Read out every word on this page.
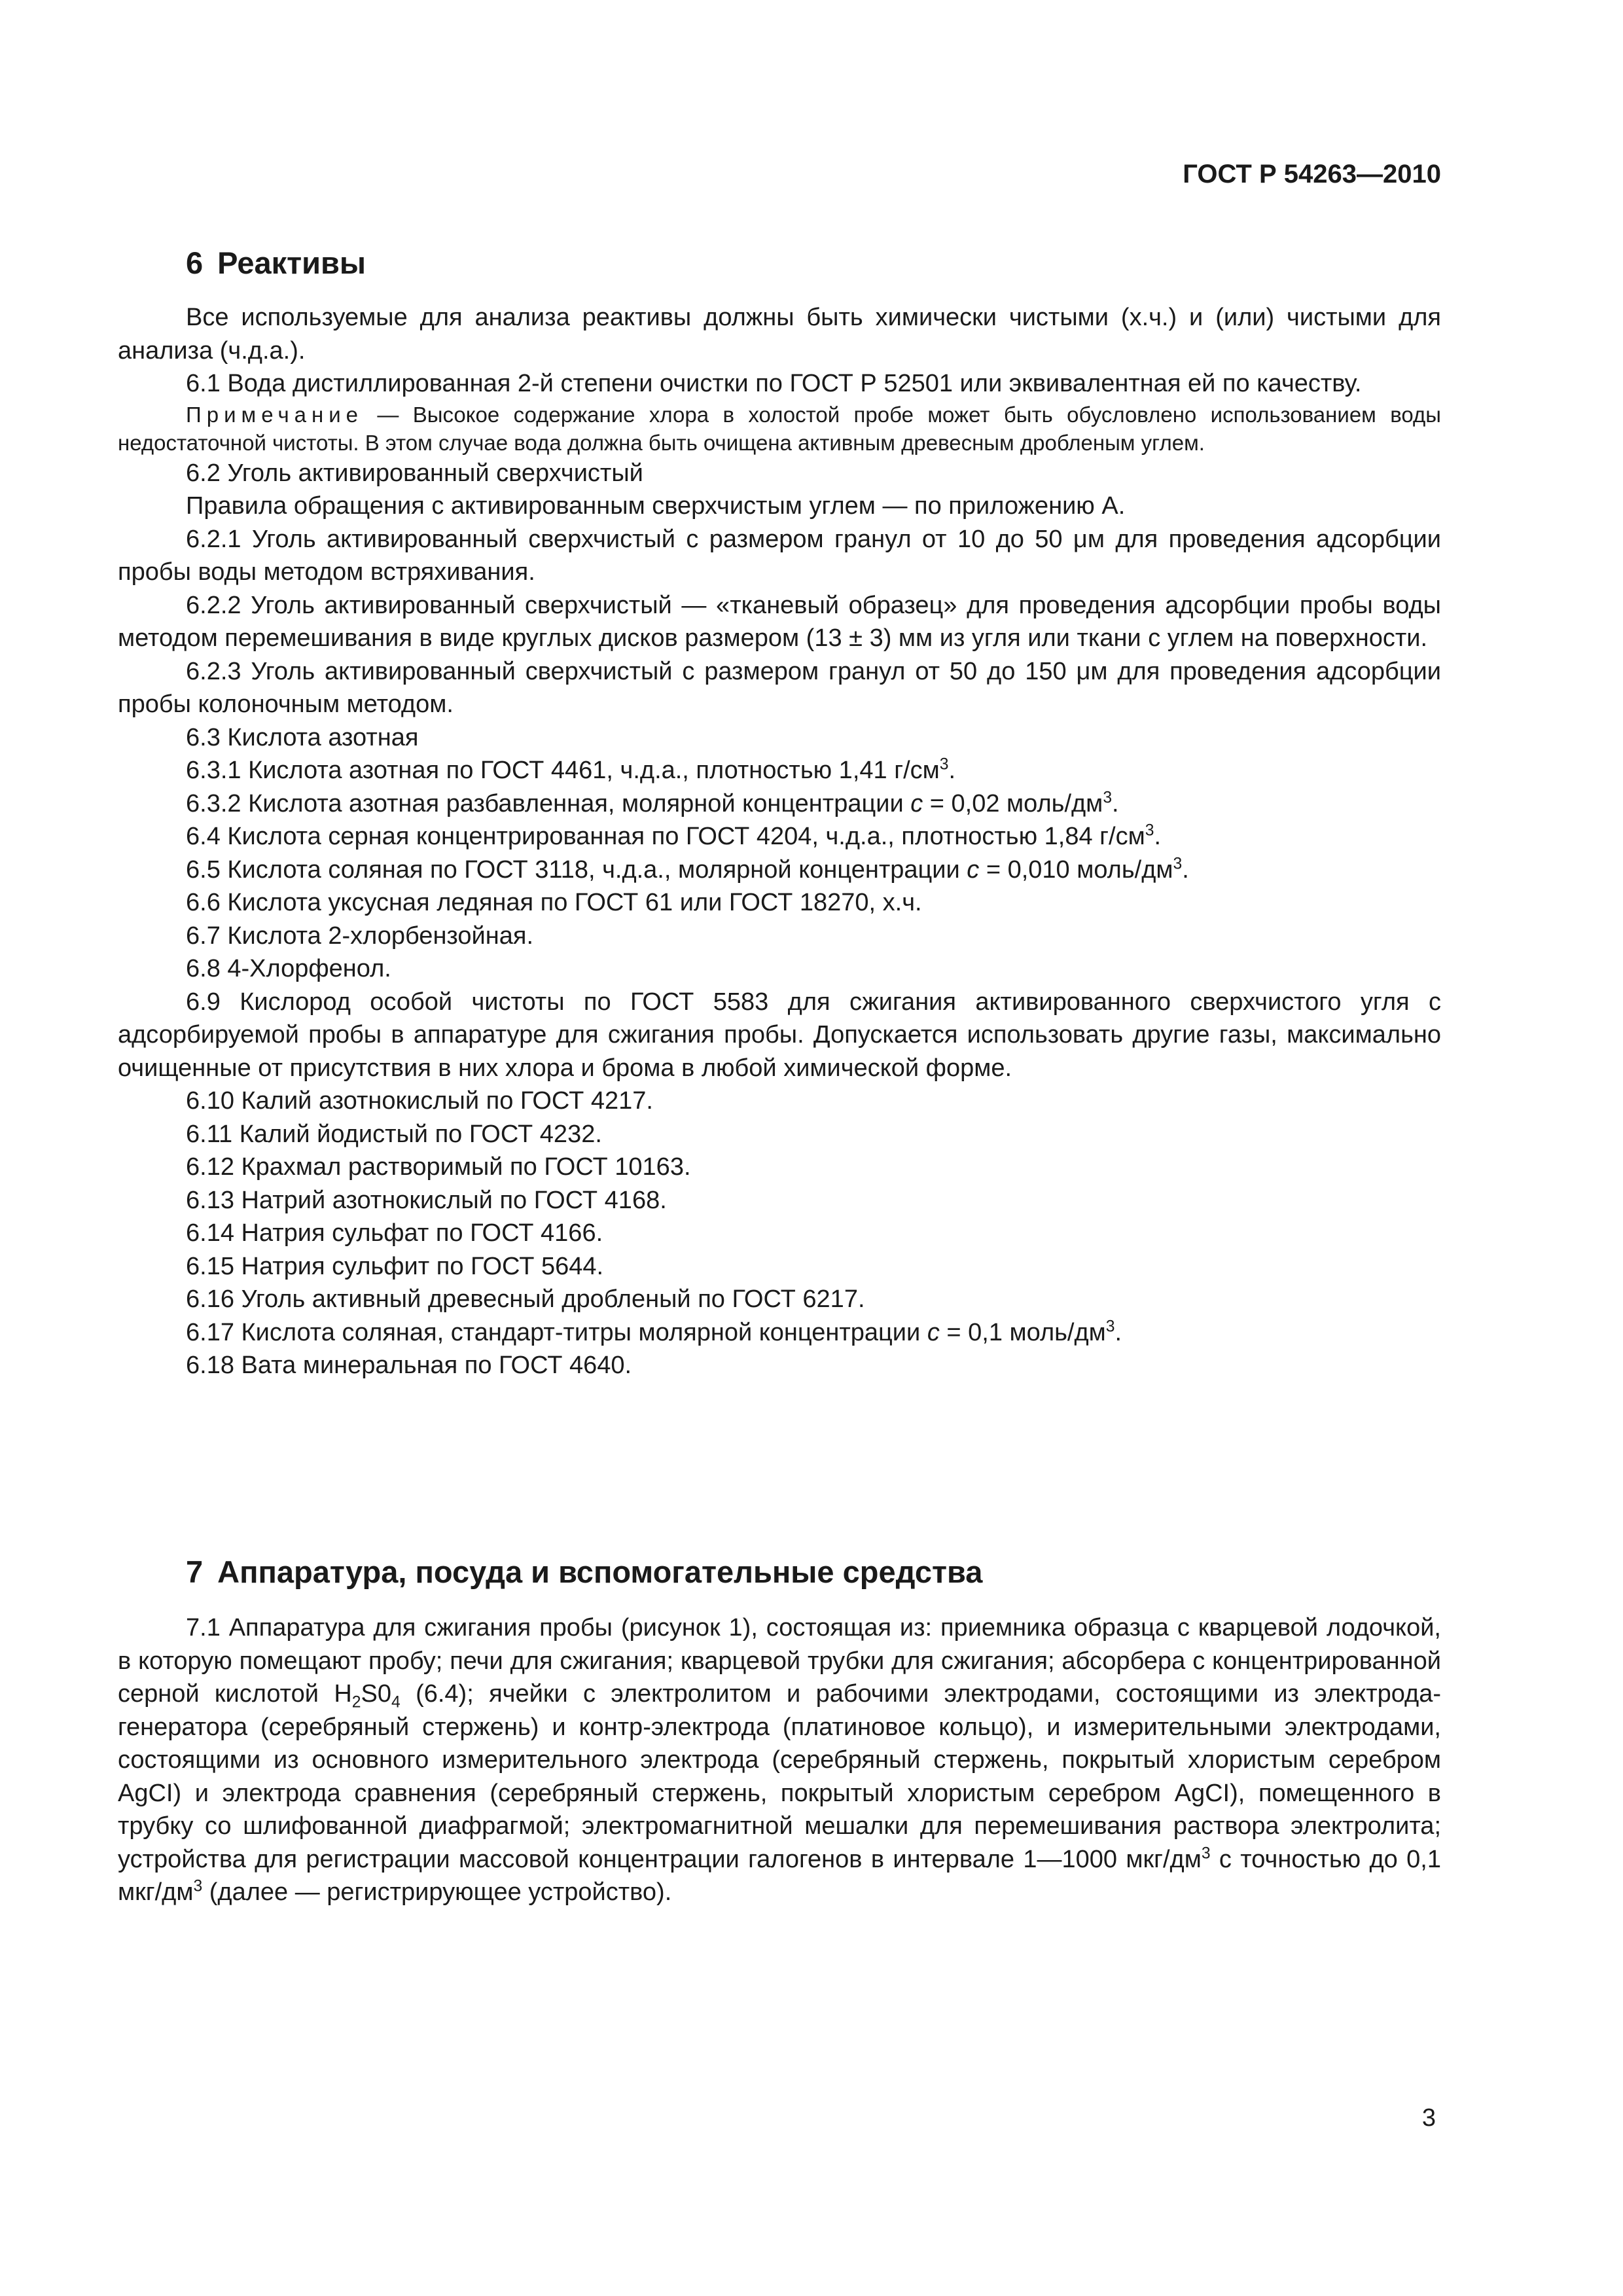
ГОСТ Р 54263—2010
6 Реактивы

Все используемые для анализа реактивы должны быть химически чистыми (х.ч.) и (или) чистыми для анализа (ч.д.а.).

6.1 Вода дистиллированная 2-й степени очистки по ГОСТ Р 52501 или эквивалентная ей по качеству.

Примечание — Высокое содержание хлора в холостой пробе может быть обусловлено использованием воды недостаточной чистоты. В этом случае вода должна быть очищена активным древесным дробленым углем.

6.2 Уголь активированный сверхчистый

Правила обращения с активированным сверхчистым углем — по приложению А.

6.2.1 Уголь активированный сверхчистый с размером гранул от 10 до 50 μм для проведения адсорбции пробы воды методом встряхивания.

6.2.2 Уголь активированный сверхчистый — «тканевый образец» для проведения адсорбции пробы воды методом перемешивания в виде круглых дисков размером (13 ± 3) мм из угля или ткани с углем на поверхности.

6.2.3 Уголь активированный сверхчистый с размером гранул от 50 до 150 μм для проведения адсорбции пробы колоночным методом.

6.3 Кислота азотная

6.3.1 Кислота азотная по ГОСТ 4461, ч.д.а., плотностью 1,41 $г/см^3$.

6.3.2 Кислота азотная разбавленная, молярной концентрации с = 0,02 моль/$дм^3$.

6.4 Кислота серная концентрированная по ГОСТ 4204, ч.д.а., плотностью 1,84 $г/см^3$.

6.5 Кислота соляная по ГОСТ 3118, ч.д.а., молярной концентрации с = 0,010 моль/$дм^3$.

6.6 Кислота уксусная ледяная по ГОСТ 61 или ГОСТ 18270, х.ч.

6.7 Кислота 2-хлорбензойная.

6.8 4-Хлорфенол.

6.9 Кислород особой чистоты по ГОСТ 5583 для сжигания активированного сверхчистого угля с адсорбируемой пробы в аппаратуре для сжигания пробы. Допускается использовать другие газы, максимально очищенные от присутствия в них хлора и брома в любой химической форме.

6.10 Калий азотнокислый по ГОСТ 4217.

6.11 Калий йодистый по ГОСТ 4232.

6.12 Крахмал растворимый по ГОСТ 10163.

6.13 Натрий азотнокислый по ГОСТ 4168.

6.14 Натрия сульфат по ГОСТ 4166.

6.15 Натрия сульфит по ГОСТ 5644.

6.16 Уголь активный древесный дробленый по ГОСТ 6217.

6.17 Кислота соляная, стандарт-титры молярной концентрации с = 0,1 моль/$дм^3$.

6.18 Вата минеральная по ГОСТ 4640.

7 Аппаратура, посуда и вспомогательные средства

7.1 Аппаратура для сжигания пробы (рисунок 1), состоящая из: приемника образца с кварцевой лодочкой, в которую помещают пробу; печи для сжигания; кварцевой трубки для сжигания; абсорбера с концентрированной серной кислотой $H_2S0_4$ (6.4); ячейки с электролитом и рабочими электродами, состоящими из электрода-генератора (серебряный стержень) и контр-электрода (платиновое кольцо), и измерительными электродами, состоящими из основного измерительного электрода (серебряный стержень, покрытый хлористым серебром AgCI) и электрода сравнения (серебряный стержень, покрытый хлористым серебром AgCI), помещенного в трубку со шлифованной диафрагмой; электромагнитной мешалки для перемешивания раствора электролита; устройства для регистрации массовой концентрации галогенов в интервале 1—1000 мкг/$дм^3$ с точностью до 0,1 мкг/$дм^3$ (далее — регистрирующее устройство).

3
